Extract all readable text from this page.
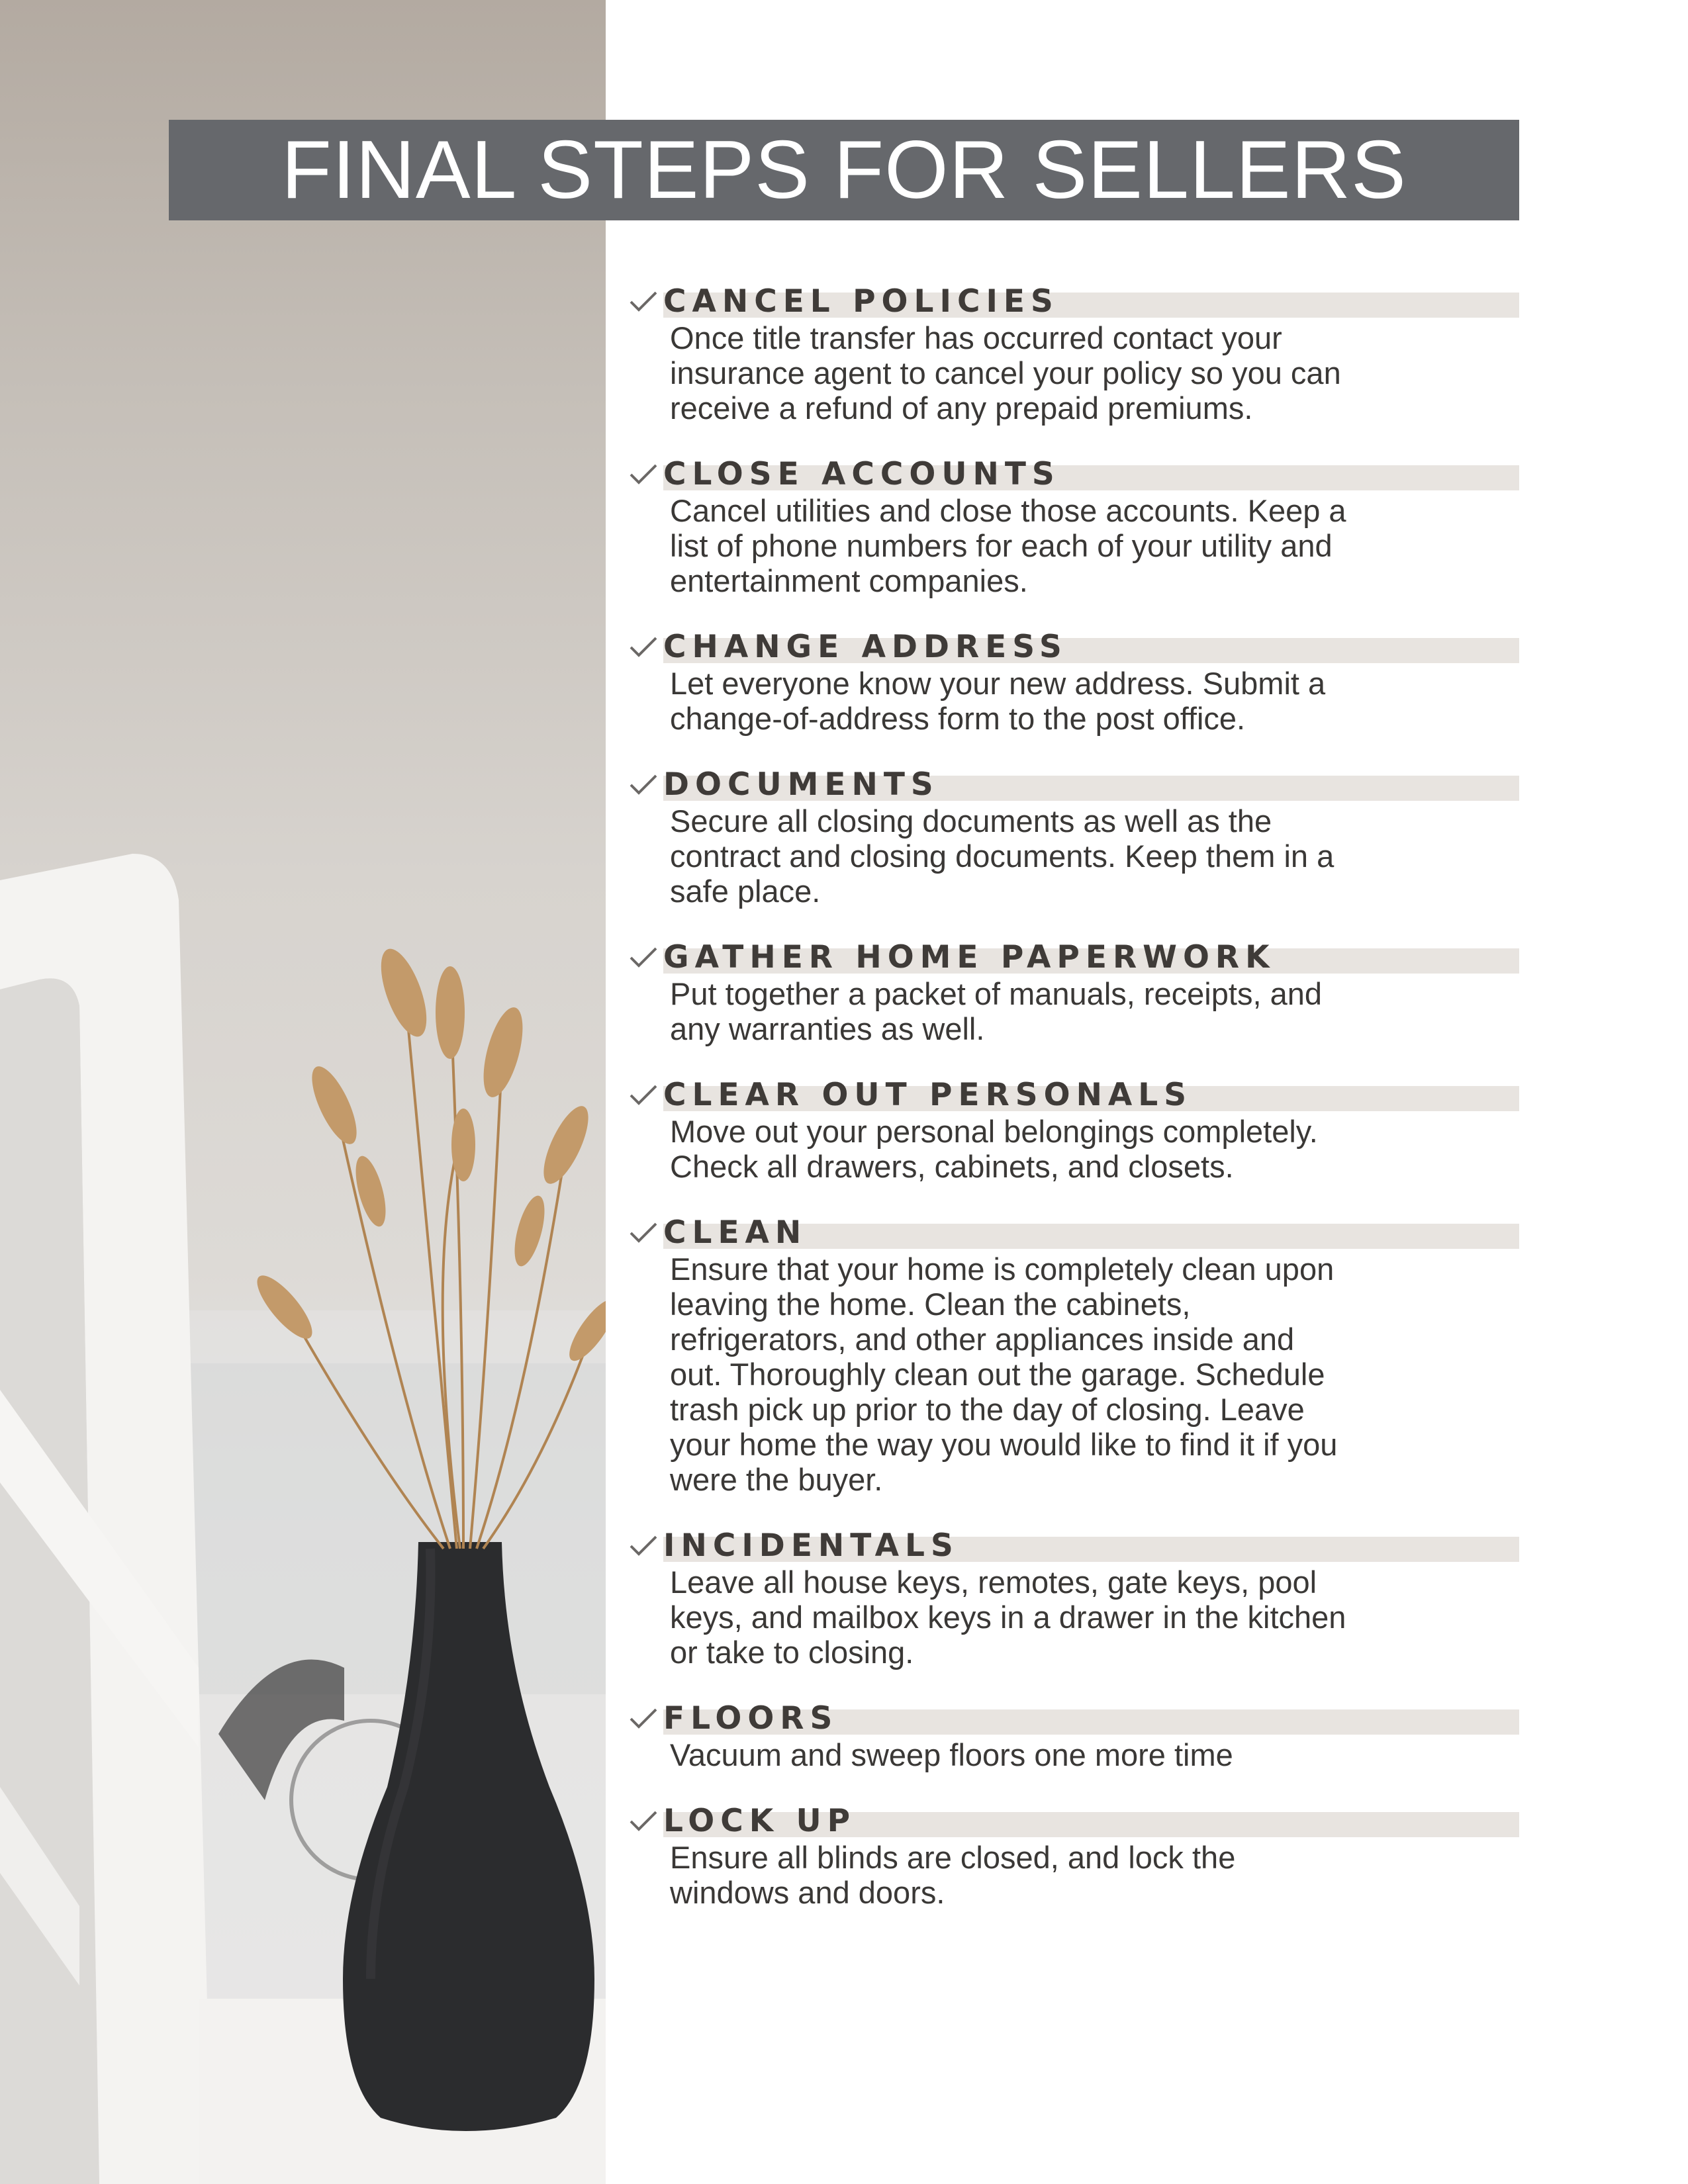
FINAL STEPS FOR SELLERS
CANCEL POLICIES
Once title transfer has occurred contact your
insurance agent to cancel your policy so you can
receive a refund of any prepaid premiums.
CLOSE ACCOUNTS
Cancel utilities and close those accounts. Keep a
list of phone numbers for each of your utility and
entertainment companies.
CHANGE ADDRESS
Let everyone know your new address. Submit a
change-of-address form to the post office.
DOCUMENTS
Secure all closing documents as well as the
contract and closing documents. Keep them in a
safe place.
GATHER HOME PAPERWORK
Put together a packet of manuals, receipts, and
any warranties as well.
CLEAR OUT PERSONALS
Move out your personal belongings completely.
Check all drawers, cabinets, and closets.
CLEAN
Ensure that your home is completely clean upon
leaving the home. Clean the cabinets,
refrigerators, and other appliances inside and
out. Thoroughly clean out the garage. Schedule
trash pick up prior to the day of closing. Leave
your home the way you would like to find it if you
were the buyer.
INCIDENTALS
Leave all house keys, remotes, gate keys, pool
keys, and mailbox keys in a drawer in the kitchen
or take to closing.
FLOORS
Vacuum and sweep floors one more time
LOCK UP
Ensure all blinds are closed, and lock the
windows and doors.
